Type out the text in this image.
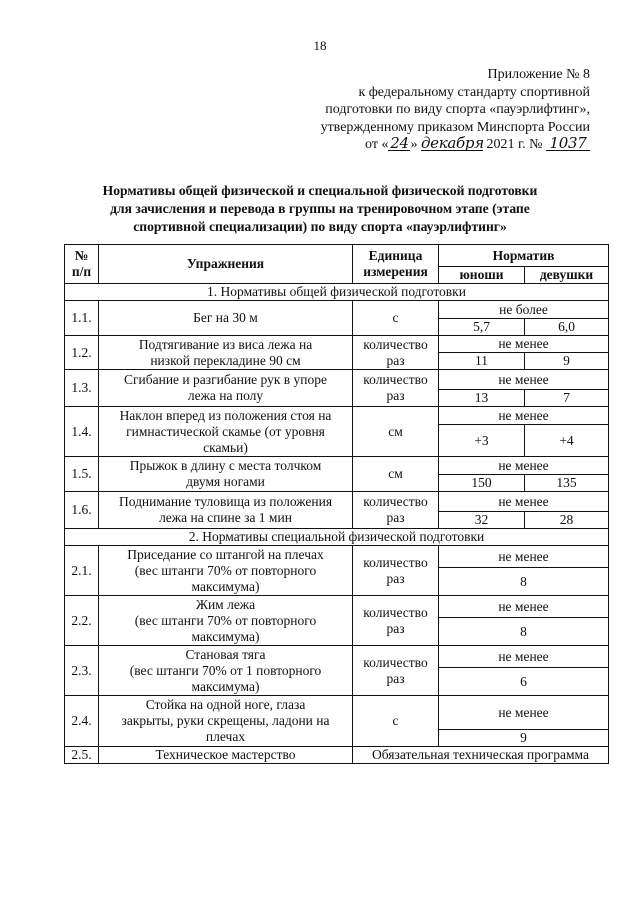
18
Приложение № 8
к федеральному стандарту спортивной
подготовки по виду спорта «пауэрлифтинг»,
утвержденному приказом Минспорта России
от « 24 » декабря 2021 г. № 1037
Нормативы общей физической и специальной физической подготовки
для зачисления и перевода в группы на тренировочном этапе (этапе
спортивной специализации) по виду спорта «пауэрлифтинг»
№
п/п	Упражнения	Единица
измерения	Норматив	
			юноши	девушки
1. Нормативы общей физической подготовки				
1.1.	Бег на 30 м	с	не более	
			5,7	6,0
1.2.	Подтягивание из виса лежа на
низкой перекладине 90 см	количество
раз	не менее	
			11	9
1.3.	Сгибание и разгибание рук в упоре
лежа на полу	количество
раз	не менее	
			13	7
1.4.	Наклон вперед из положения стоя на
гимнастической скамье (от уровня
скамьи)	см	не менее	
			+3	+4
1.5.	Прыжок в длину с места толчком
двумя ногами	см	не менее	
			150	135
1.6.	Поднимание туловища из положения
лежа на спине за 1 мин	количество
раз	не менее	
			32	28
2. Нормативы специальной физической подготовки				
2.1.	Приседание со штангой на плечах
(вес штанги 70% от повторного
максимума)	количество
раз	не менее	
			8	
2.2.	Жим лежа
(вес штанги 70% от повторного
максимума)	количество
раз	не менее	
			8	
2.3.	Становая тяга
(вес штанги 70% от 1 повторного
максимума)	количество
раз	не менее	
			6	
2.4.	Стойка на одной ноге, глаза
закрыты, руки скрещены, ладони на
плечах	с	не менее	
			9	
2.5.	Техническое мастерство	Обязательная техническая программа		
